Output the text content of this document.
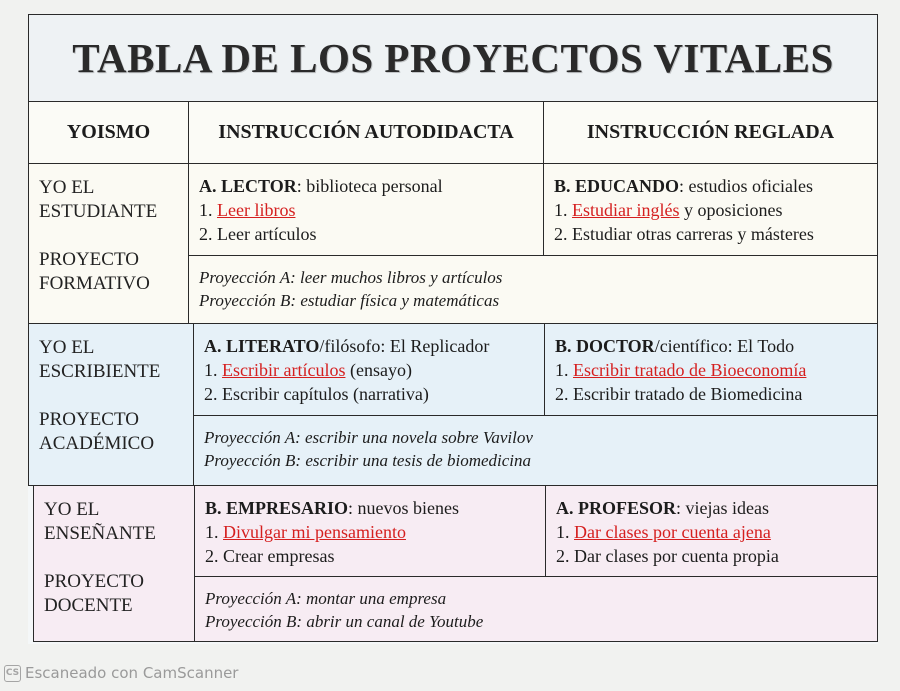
TABLA DE LOS PROYECTOS VITALES
YOISMO	INSTRUCCIÓN AUTODIDACTA	INSTRUCCIÓN REGLADA
YO EL
ESTUDIANTE
PROYECTO
FORMATIVO
A. LECTOR: biblioteca personal
1. Leer libros
2. Leer artículos
B. EDUCANDO: estudios oficiales
1. Estudiar inglés y oposiciones
2. Estudiar otras carreras y másteres
Proyección A: leer muchos libros y artículos
Proyección B: estudiar física y matemáticas
YO EL
ESCRIBIENTE
PROYECTO
ACADÉMICO
A. LITERATO/filósofo: El Replicador
1. Escribir artículos (ensayo)
2. Escribir capítulos (narrativa)
B. DOCTOR/científico: El Todo
1. Escribir tratado de Bioeconomía
2. Escribir tratado de Biomedicina
Proyección A: escribir una novela sobre Vavilov
Proyección B: escribir una tesis de biomedicina
YO EL
ENSEÑANTE
PROYECTO
DOCENTE
B. EMPRESARIO: nuevos bienes
1. Divulgar mi pensamiento
2. Crear empresas
A. PROFESOR: viejas ideas
1. Dar clases por cuenta ajena
2. Dar clases por cuenta propia
Proyección A: montar una empresa
Proyección B: abrir un canal de Youtube
CS Escaneado con CamScanner
